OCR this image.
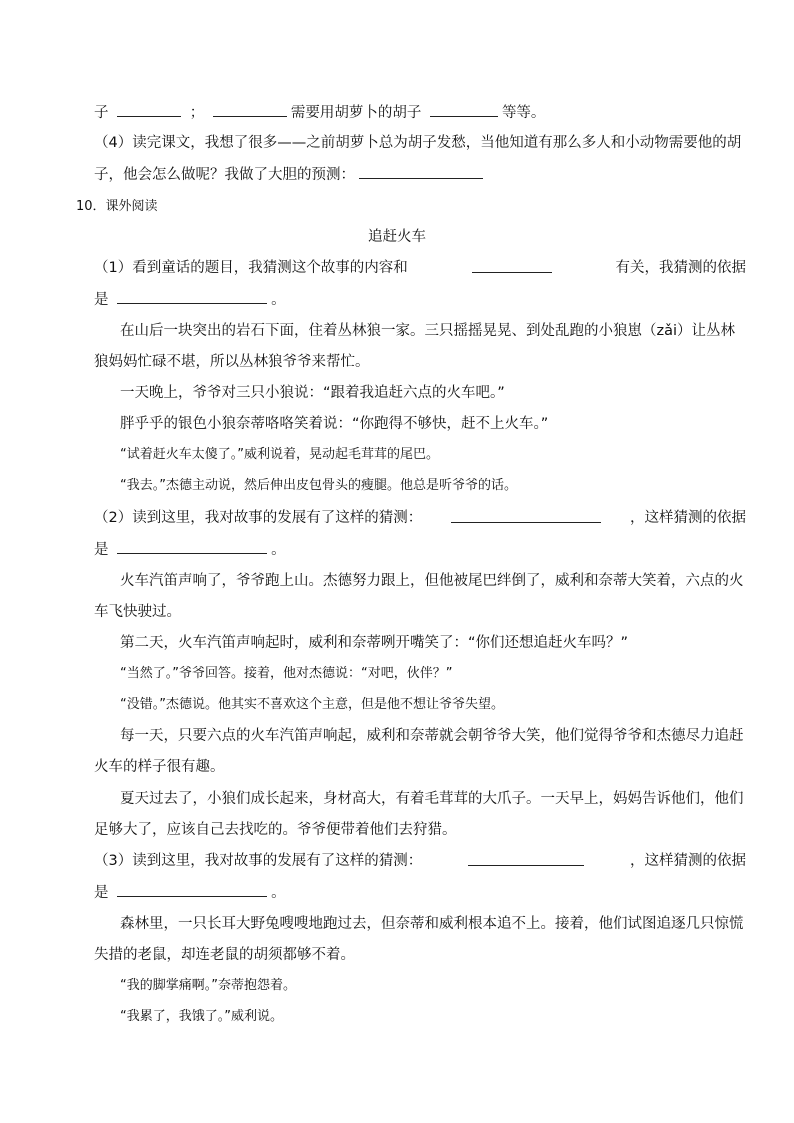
子	；	需要用胡萝卜的胡子	等等。
（4）读完课文，我想了很多——之前胡萝卜总为胡子发愁，当他知道有那么多人和小动物需要他的胡
子，他会怎么做呢？我做了大胆的预测：
10．课外阅读
追赶火车
（1）看到童话的题目，我猜测这个故事的内容和	有关，我猜测的依据
是	。
在山后一块突出的岩石下面，住着丛林狼一家。三只摇摇晃晃、到处乱跑的小狼崽（zǎi）让丛林
狼妈妈忙碌不堪，所以丛林狼爷爷来帮忙。
一天晚上，爷爷对三只小狼说：“跟着我追赶六点的火车吧。”
胖乎乎的银色小狼奈蒂咯咯笑着说：“你跑得不够快，赶不上火车。”
“试着赶火车太傻了。”威利说着，晃动起毛茸茸的尾巴。
“我去。”杰德主动说，然后伸出皮包骨头的瘦腿。他总是听爷爷的话。
（2）读到这里，我对故事的发展有了这样的猜测：	，这样猜测的依据
是	。
火车汽笛声响了，爷爷跑上山。杰德努力跟上，但他被尾巴绊倒了，威利和奈蒂大笑着，六点的火
车飞快驶过。
第二天，火车汽笛声响起时，威利和奈蒂咧开嘴笑了：“你们还想追赶火车吗？”
“当然了。”爷爷回答。接着，他对杰德说：“对吧，伙伴？”
“没错。”杰德说。他其实不喜欢这个主意，但是他不想让爷爷失望。
每一天，只要六点的火车汽笛声响起，威利和奈蒂就会朝爷爷大笑，他们觉得爷爷和杰德尽力追赶
火车的样子很有趣。
夏天过去了，小狼们成长起来，身材高大，有着毛茸茸的大爪子。一天早上，妈妈告诉他们，他们
足够大了，应该自己去找吃的。爷爷便带着他们去狩猎。
（3）读到这里，我对故事的发展有了这样的猜测：	，这样猜测的依据
是	。
森林里，一只长耳大野兔嗖嗖地跑过去，但奈蒂和威利根本追不上。接着，他们试图追逐几只惊慌
失措的老鼠，却连老鼠的胡须都够不着。
“我的脚掌痛啊。”奈蒂抱怨着。
“我累了，我饿了。”威利说。
